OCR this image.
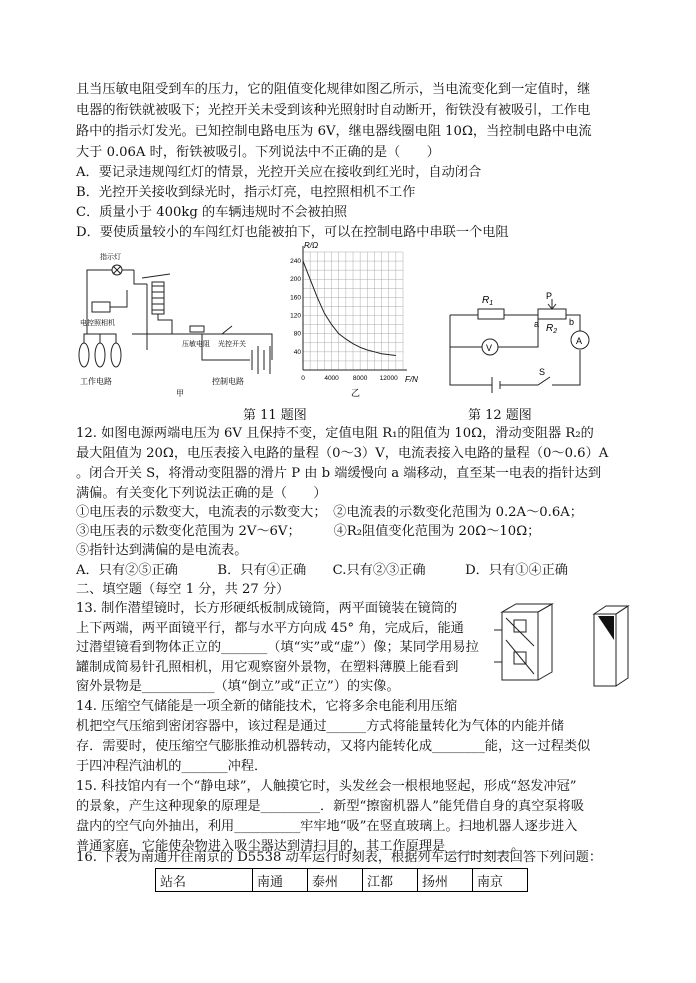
且当压敏电阻受到车的压力，它的阻值变化规律如图乙所示，当电流变化到一定值时，继
电器的衔铁就被吸下；光控开关未受到该种光照射时自动断开，衔铁没有被吸引，工作电
路中的指示灯发光。已知控制电路电压为 6V，继电器线圈电阻 10Ω，当控制电路中电流
大于 0.06A 时，衔铁被吸引。下列说法中不正确的是（　　）
A．要记录违规闯红灯的情景，光控开关应在接收到红光时，自动闭合
B．光控开关接收到绿光时，指示灯亮，电控照相机不工作
C．质量小于 400kg 的车辆违规时不会被拍照
D．要使质量较小的车闯红灯也能被拍下，可以在控制电路中串联一个电阻
指示灯
电控照相机
压敏电阻 光控开关
工作电路
甲
控制电路	0	4000 8000 12000
40
80
120
160
200
240
R/Ω
F/N
乙
第 11 题图
$R_1$
$R_2$
P
a	b
V
A
S
第 12 题图
12. 如图电源两端电压为 6V 且保持不变，定值电阻 R₁的阻值为 10Ω，滑动变阻器 R₂的
最大阻值为 20Ω，电压表接入电路的量程（0～3）V，电流表接入电路的量程（0～0.6）A
。闭合开关 S，将滑动变阻器的滑片 P 由 b 端缓慢向 a 端移动，直至某一电表的指针达到
满偏。有关变化下列说法正确的是（　　）
①电压表的示数变大，电流表的示数变大；　②电流表的示数变化范围为 0.2A～0.6A；
③电压表的示数变化范围为 2V～6V；　　　④R₂阻值变化范围为 20Ω～10Ω；
⑤指针达到满偏的是电流表。
A．只有②⑤正确　　　B．只有④正确　　C.只有②③正确　　　D．只有①④正确
二、填空题（每空 1 分，共 27 分）
13. 制作潜望镜时，长方形硬纸板制成镜筒，两平面镜装在镜筒的
上下两端，两平面镜平行，都与水平方向成 45° 角，完成后，能通
过潜望镜看到物体正立的_______（填“实”或“虚”）像；某同学用易拉
罐制成简易针孔照相机，用它观察窗外景物，在塑料薄膜上能看到
窗外景物是___________（填“倒立”或“正立”）的实像。
14. 压缩空气储能是一项全新的储能技术，它将多余电能利用压缩
机把空气压缩到密闭容器中，该过程是通过______方式将能量转化为气体的内能并储
存．需要时，使压缩空气膨胀推动机器转动，又将内能转化成________能，这一过程类似
于四冲程汽油机的_______冲程．
15. 科技馆内有一个“静电球”，人触摸它时，头发丝会一根根地竖起，形成“怒发冲冠”
的景象，产生这种现象的原理是_________．新型“擦窗机器人”能凭借自身的真空泵将吸
盘内的空气向外抽出，利用__________牢牢地“吸”在竖直玻璃上。扫地机器人逐步进入
普通家庭，它能使杂物进入吸尘器达到清扫目的，其工作原理是__________。
16. 下表为南通开往南京的 D5538 动车运行时刻表，根据列车运行时刻表回答下列问题：
站名	南通	泰州	江都	扬州	南京
